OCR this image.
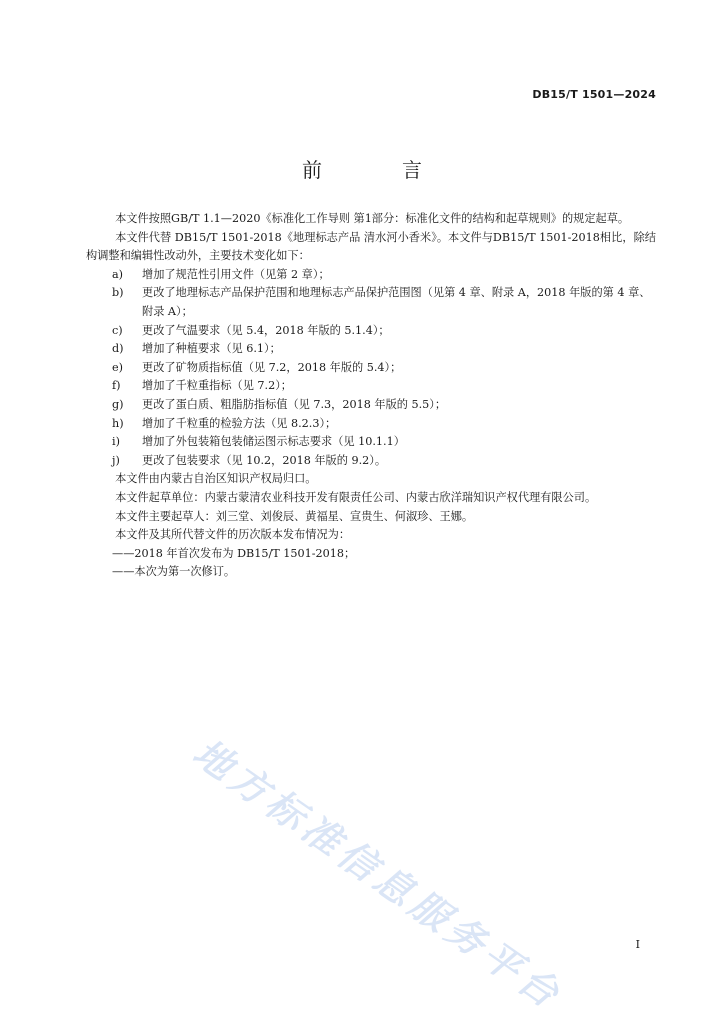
DB15/T 1501—2024
前　言

本文件按照GB/T 1.1—2020《标准化工作导则 第1部分：标准化文件的结构和起草规则》的规定起草。

本文件代替 DB15/T 1501-2018《地理标志产品 清水河小香米》。本文件与DB15/T 1501-2018相比，除结构调整和编辑性改动外，主要技术变化如下：

a)	增加了规范性引用文件（见第 2 章）；
b)	更改了地理标志产品保护范围和地理标志产品保护范围图（见第 4 章、附录 A，2018 年版的第 4 章、附录 A）；
c)	更改了气温要求（见 5.4，2018 年版的 5.1.4）；
d)	增加了种植要求（见 6.1）；
e)	更改了矿物质指标值（见 7.2，2018 年版的 5.4）；
f)	增加了千粒重指标（见 7.2）；
g)	更改了蛋白质、粗脂肪指标值（见 7.3，2018 年版的 5.5）；
h)	增加了千粒重的检验方法（见 8.2.3）；
i)	增加了外包装箱包装储运图示标志要求（见 10.1.1）
j)	更改了包装要求（见 10.2，2018 年版的 9.2）。

本文件由内蒙古自治区知识产权局归口。

本文件起草单位：内蒙古蒙清农业科技开发有限责任公司、内蒙古欣洋瑞知识产权代理有限公司。

本文件主要起草人：刘三堂、刘俊辰、黄福星、宣贵生、何淑珍、王娜。

本文件及其所代替文件的历次版本发布情况为：

——2018 年首次发布为 DB15/T 1501-2018；

——本次为第一次修订。

地方标准信息服务平台	I
